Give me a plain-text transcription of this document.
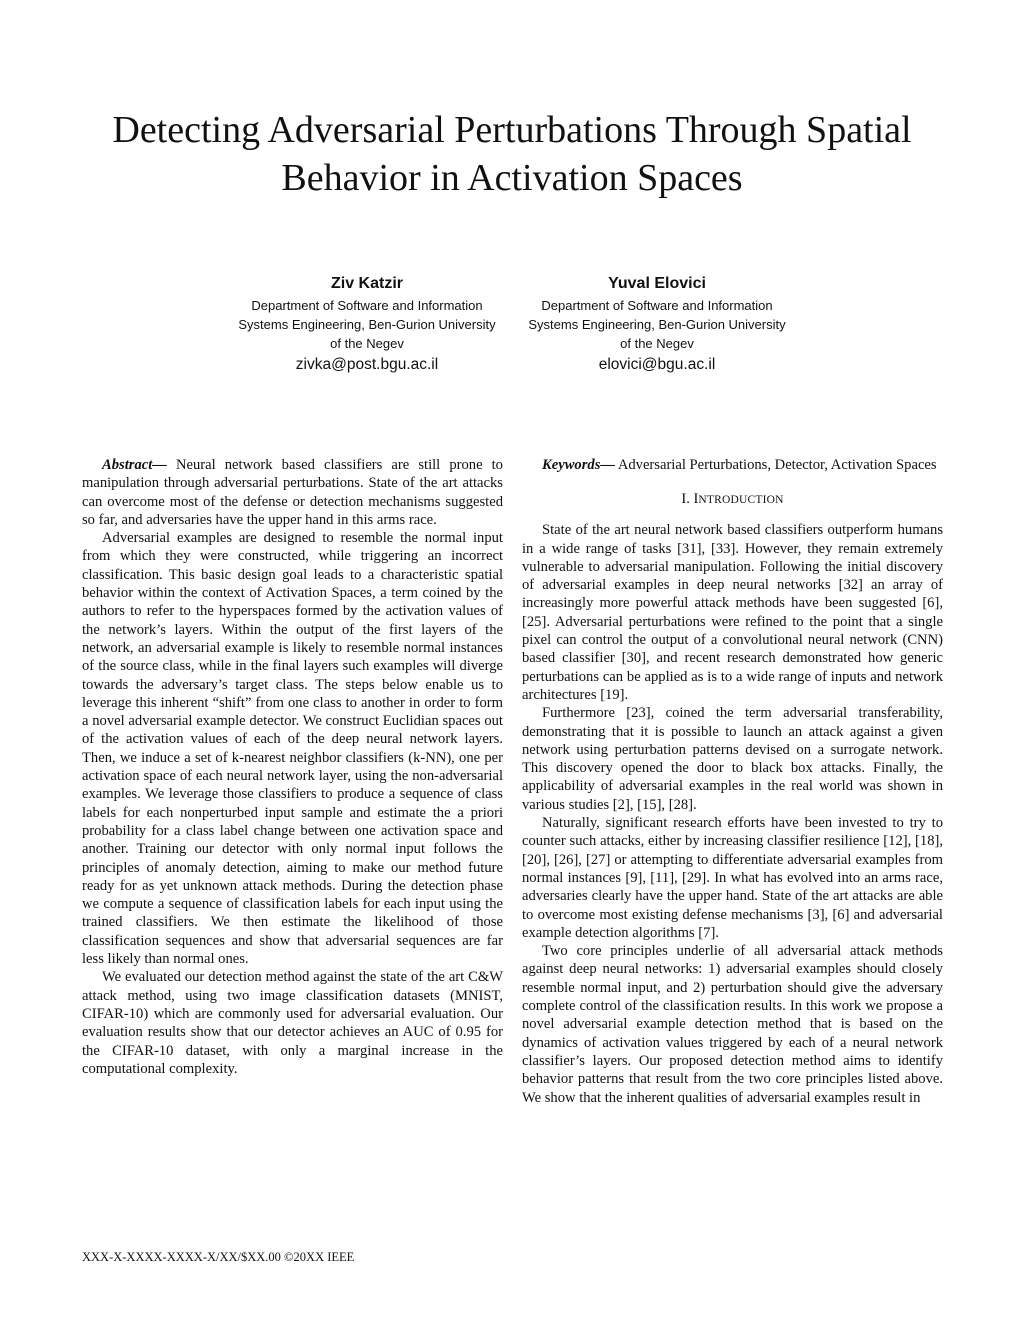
Detecting Adversarial Perturbations Through Spatial Behavior in Activation Spaces
Ziv Katzir
Department of Software and Information
Systems Engineering, Ben-Gurion University
of the Negev
zivka@post.bgu.ac.il
Yuval Elovici
Department of Software and Information
Systems Engineering, Ben-Gurion University
of the Negev
elovici@bgu.ac.il

Abstract— Neural network based classifiers are still prone to manipulation through adversarial perturbations. State of the art attacks can overcome most of the defense or detection mechanisms suggested so far, and adversaries have the upper hand in this arms race.

Adversarial examples are designed to resemble the normal input from which they were constructed, while triggering an incorrect classification. This basic design goal leads to a characteristic spatial behavior within the context of Activation Spaces, a term coined by the authors to refer to the hyperspaces formed by the activation values of the network’s layers. Within the output of the first layers of the network, an adversarial example is likely to resemble normal instances of the source class, while in the final layers such examples will diverge towards the adversary’s target class. The steps below enable us to leverage this inherent “shift” from one class to another in order to form a novel adversarial example detector. We construct Euclidian spaces out of the activation values of each of the deep neural network layers. Then, we induce a set of k-nearest neighbor classifiers (k-NN), one per activation space of each neural network layer, using the non-adversarial examples. We leverage those classifiers to produce a sequence of class labels for each nonperturbed input sample and estimate the a priori probability for a class label change between one activation space and another. Training our detector with only normal input follows the principles of anomaly detection, aiming to make our method future ready for as yet unknown attack methods. During the detection phase we compute a sequence of classification labels for each input using the trained classifiers. We then estimate the likelihood of those classification sequences and show that adversarial sequences are far less likely than normal ones.

We evaluated our detection method against the state of the art C&W attack method, using two image classification datasets (MNIST, CIFAR-10) which are commonly used for adversarial evaluation. Our evaluation results show that our detector achieves an AUC of 0.95 for the CIFAR-10 dataset, with only a marginal increase in the computational complexity.

Keywords— Adversarial Perturbations, Detector, Activation Spaces

I. INTRODUCTION

State of the art neural network based classifiers outperform humans in a wide range of tasks [31], [33]. However, they remain extremely vulnerable to adversarial manipulation. Following the initial discovery of adversarial examples in deep neural networks [32] an array of increasingly more powerful attack methods have been suggested [6], [25]. Adversarial perturbations were refined to the point that a single pixel can control the output of a convolutional neural network (CNN) based classifier [30], and recent research demonstrated how generic perturbations can be applied as is to a wide range of inputs and network architectures [19].

Furthermore [23], coined the term adversarial transferability, demonstrating that it is possible to launch an attack against a given network using perturbation patterns devised on a surrogate network. This discovery opened the door to black box attacks. Finally, the applicability of adversarial examples in the real world was shown in various studies [2], [15], [28].

Naturally, significant research efforts have been invested to try to counter such attacks, either by increasing classifier resilience [12], [18], [20], [26], [27] or attempting to differentiate adversarial examples from normal instances [9], [11], [29]. In what has evolved into an arms race, adversaries clearly have the upper hand. State of the art attacks are able to overcome most existing defense mechanisms [3], [6] and adversarial example detection algorithms [7].

Two core principles underlie of all adversarial attack methods against deep neural networks: 1) adversarial examples should closely resemble normal input, and 2) perturbation should give the adversary complete control of the classification results. In this work we propose a novel adversarial example detection method that is based on the dynamics of activation values triggered by each of a neural network classifier’s layers. Our proposed detection method aims to identify behavior patterns that result from the two core principles listed above. We show that the inherent qualities of adversarial examples result in

XXX-X-XXXX-XXXX-X/XX/$XX.00 ©20XX IEEE
